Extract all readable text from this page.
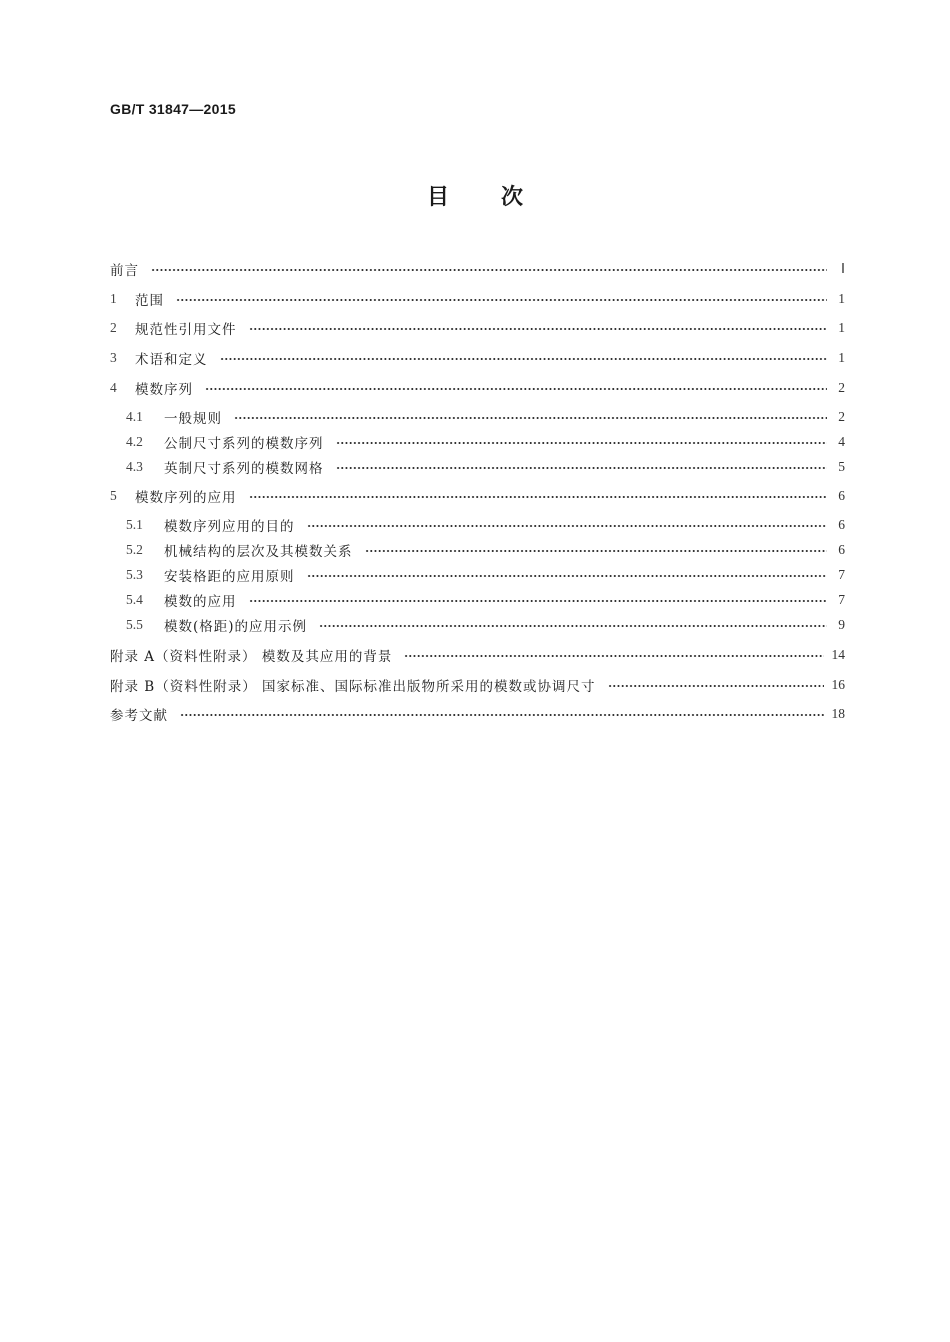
GB/T 31847—2015
目 次
前言	Ⅰ
1	范围	1
2	规范性引用文件	1
3	术语和定义	1
4	模数序列	2
4.1	一般规则	2
4.2	公制尺寸系列的模数序列	4
4.3	英制尺寸系列的模数网格	5
5	模数序列的应用	6
5.1	模数序列应用的目的	6
5.2	机械结构的层次及其模数关系	6
5.3	安装格距的应用原则	7
5.4	模数的应用	7
5.5	模数(格距)的应用示例	9
附录 A（资料性附录） 模数及其应用的背景	14
附录 B（资料性附录） 国家标准、国际标准出版物所采用的模数或协调尺寸	16
参考文献	18
